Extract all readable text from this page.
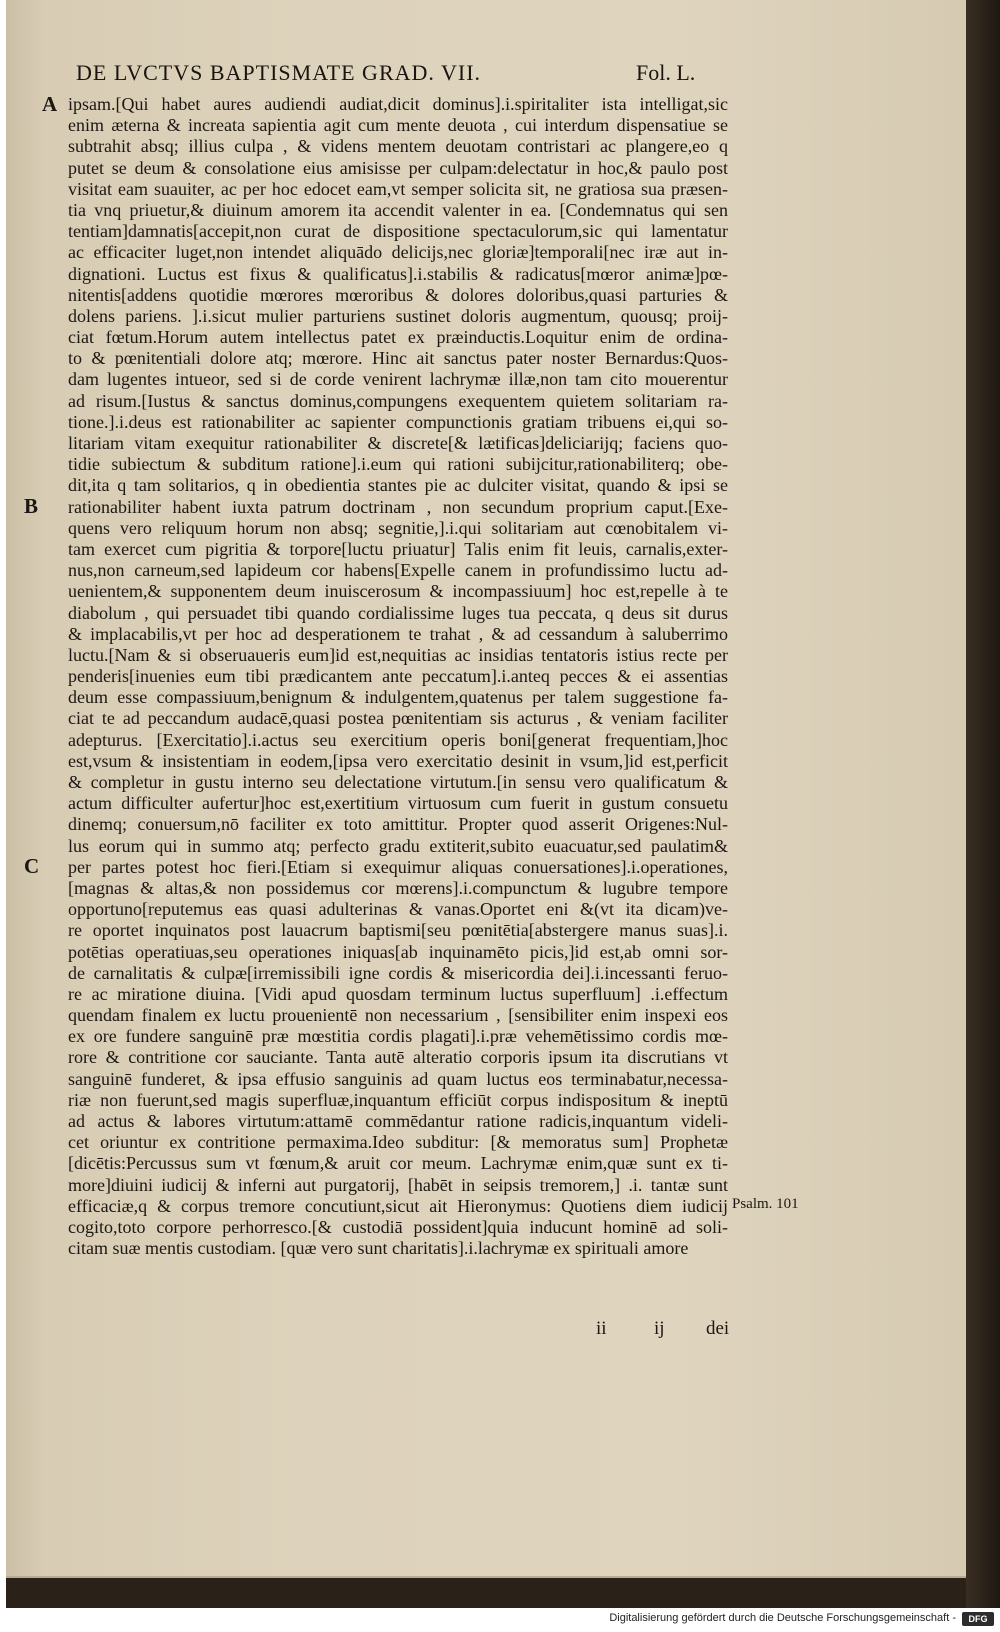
DE LVCTVS BAPTISMATE GRAD. VII.	Fol. L.
A
B
C
ipsam.[Qui habet aures audiendi audiat,dicit dominus].i.spiritaliter ista intelligat,sic
enim æterna & increata sapientia agit cum mente deuota , cui interdum dispensatiue se
subtrahit absq; illius culpa , & videns mentem deuotam contristari ac plangere,eo q
putet se deum & consolatione eius amisisse per culpam:delectatur in hoc,& paulo post
visitat eam suauiter, ac per hoc edocet eam,vt semper solicita sit, ne gratiosa sua præsen-
tia vnq priuetur,& diuinum amorem ita accendit valenter in ea. [Condemnatus qui sen
tentiam]damnatis[accepit,non curat de dispositione spectaculorum,sic qui lamentatur
ac efficaciter luget,non intendet aliquādo delicijs,nec gloriæ]temporali[nec iræ aut in-
dignationi. Luctus est fixus & qualificatus].i.stabilis & radicatus[mœror animæ]pœ-
nitentis[addens quotidie mœrores mœroribus & dolores doloribus,quasi parturies &
dolens pariens. ].i.sicut mulier parturiens sustinet doloris augmentum, quousq; proij-
ciat fœtum.Horum autem intellectus patet ex præinductis.Loquitur enim de ordina-
to & pœnitentiali dolore atq; mœrore. Hinc ait sanctus pater noster Bernardus:Quos-
dam lugentes intueor, sed si de corde venirent lachrymæ illæ,non tam cito mouerentur
ad risum.[Iustus & sanctus dominus,compungens exequentem quietem solitariam ra-
tione.].i.deus est rationabiliter ac sapienter compunctionis gratiam tribuens ei,qui so-
litariam vitam exequitur rationabiliter & discrete[& lætificas]deliciarijq; faciens quo-
tidie subiectum & subditum ratione].i.eum qui rationi subijcitur,rationabiliterq; obe-
dit,ita q tam solitarios, q in obedientia stantes pie ac dulciter visitat, quando & ipsi se
rationabiliter habent iuxta patrum doctrinam , non secundum proprium caput.[Exe-
quens vero reliquum horum non absq; segnitie,].i.qui solitariam aut cœnobitalem vi-
tam exercet cum pigritia & torpore[luctu priuatur] Talis enim fit leuis, carnalis,exter-
nus,non carneum,sed lapideum cor habens[Expelle canem in profundissimo luctu ad-
uenientem,& supponentem deum inuiscerosum & incompassiuum] hoc est,repelle à te
diabolum , qui persuadet tibi quando cordialissime luges tua peccata, q deus sit durus
& implacabilis,vt per hoc ad desperationem te trahat , & ad cessandum à saluberrimo
luctu.[Nam & si obseruaueris eum]id est,nequitias ac insidias tentatoris istius recte per
penderis[inuenies eum tibi prædicantem ante peccatum].i.anteq pecces & ei assentias
deum esse compassiuum,benignum & indulgentem,quatenus per talem suggestione fa-
ciat te ad peccandum audacē,quasi postea pœnitentiam sis acturus , & veniam faciliter
adepturus. [Exercitatio].i.actus seu exercitium operis boni[generat frequentiam,]hoc
est,vsum & insistentiam in eodem,[ipsa vero exercitatio desinit in vsum,]id est,perficit
& completur in gustu interno seu delectatione virtutum.[in sensu vero qualificatum &
actum difficulter aufertur]hoc est,exertitium virtuosum cum fuerit in gustum consuetu
dinemq; conuersum,nō faciliter ex toto amittitur. Propter quod asserit Origenes:Nul-
lus eorum qui in summo atq; perfecto gradu extiterit,subito euacuatur,sed paulatim&
per partes potest hoc fieri.[Etiam si exequimur aliquas conuersationes].i.operationes,
[magnas & altas,& non possidemus cor mœrens].i.compunctum & lugubre tempore
opportuno[reputemus eas quasi adulterinas & vanas.Oportet eni &(vt ita dicam)ve-
re oportet inquinatos post lauacrum baptismi[seu pœnitētia[abstergere manus suas].i.
potētias operatiuas,seu operationes iniquas[ab inquinamēto picis,]id est,ab omni sor-
de carnalitatis & culpæ[irremissibili igne cordis & misericordia dei].i.incessanti feruo-
re ac miratione diuina. [Vidi apud quosdam terminum luctus superfluum] .i.effectum
quendam finalem ex luctu prouenientē non necessarium , [sensibiliter enim inspexi eos
ex ore fundere sanguinē præ mœstitia cordis plagati].i.præ vehemētissimo cordis mœ-
rore & contritione cor sauciante. Tanta autē alteratio corporis ipsum ita discrutians vt
sanguinē funderet, & ipsa effusio sanguinis ad quam luctus eos terminabatur,necessa-
riæ non fuerunt,sed magis superfluæ,inquantum efficiūt corpus indispositum & ineptū
ad actus & labores virtutum:attamē commēdantur ratione radicis,inquantum videli-
cet oriuntur ex contritione permaxima.Ideo subditur: [& memoratus sum] Prophetæ
[dicētis:Percussus sum vt fœnum,& aruit cor meum. Lachrymæ enim,quæ sunt ex ti-
more]diuini iudicij & inferni aut purgatorij, [habēt in seipsis tremorem,] .i. tantæ sunt
efficaciæ,q & corpus tremore concutiunt,sicut ait Hieronymus: Quotiens diem iudicij
cogito,toto corpore perhorresco.[& custodiā possident]quia inducunt hominē ad soli-
citam suæ mentis custodiam. [quæ vero sunt charitatis].i.lachrymæ ex spirituali amore
Psalm. 101
ii ij dei
Digitalisierung gefördert durch die Deutsche Forschungsgemeinschaft -	DFG
